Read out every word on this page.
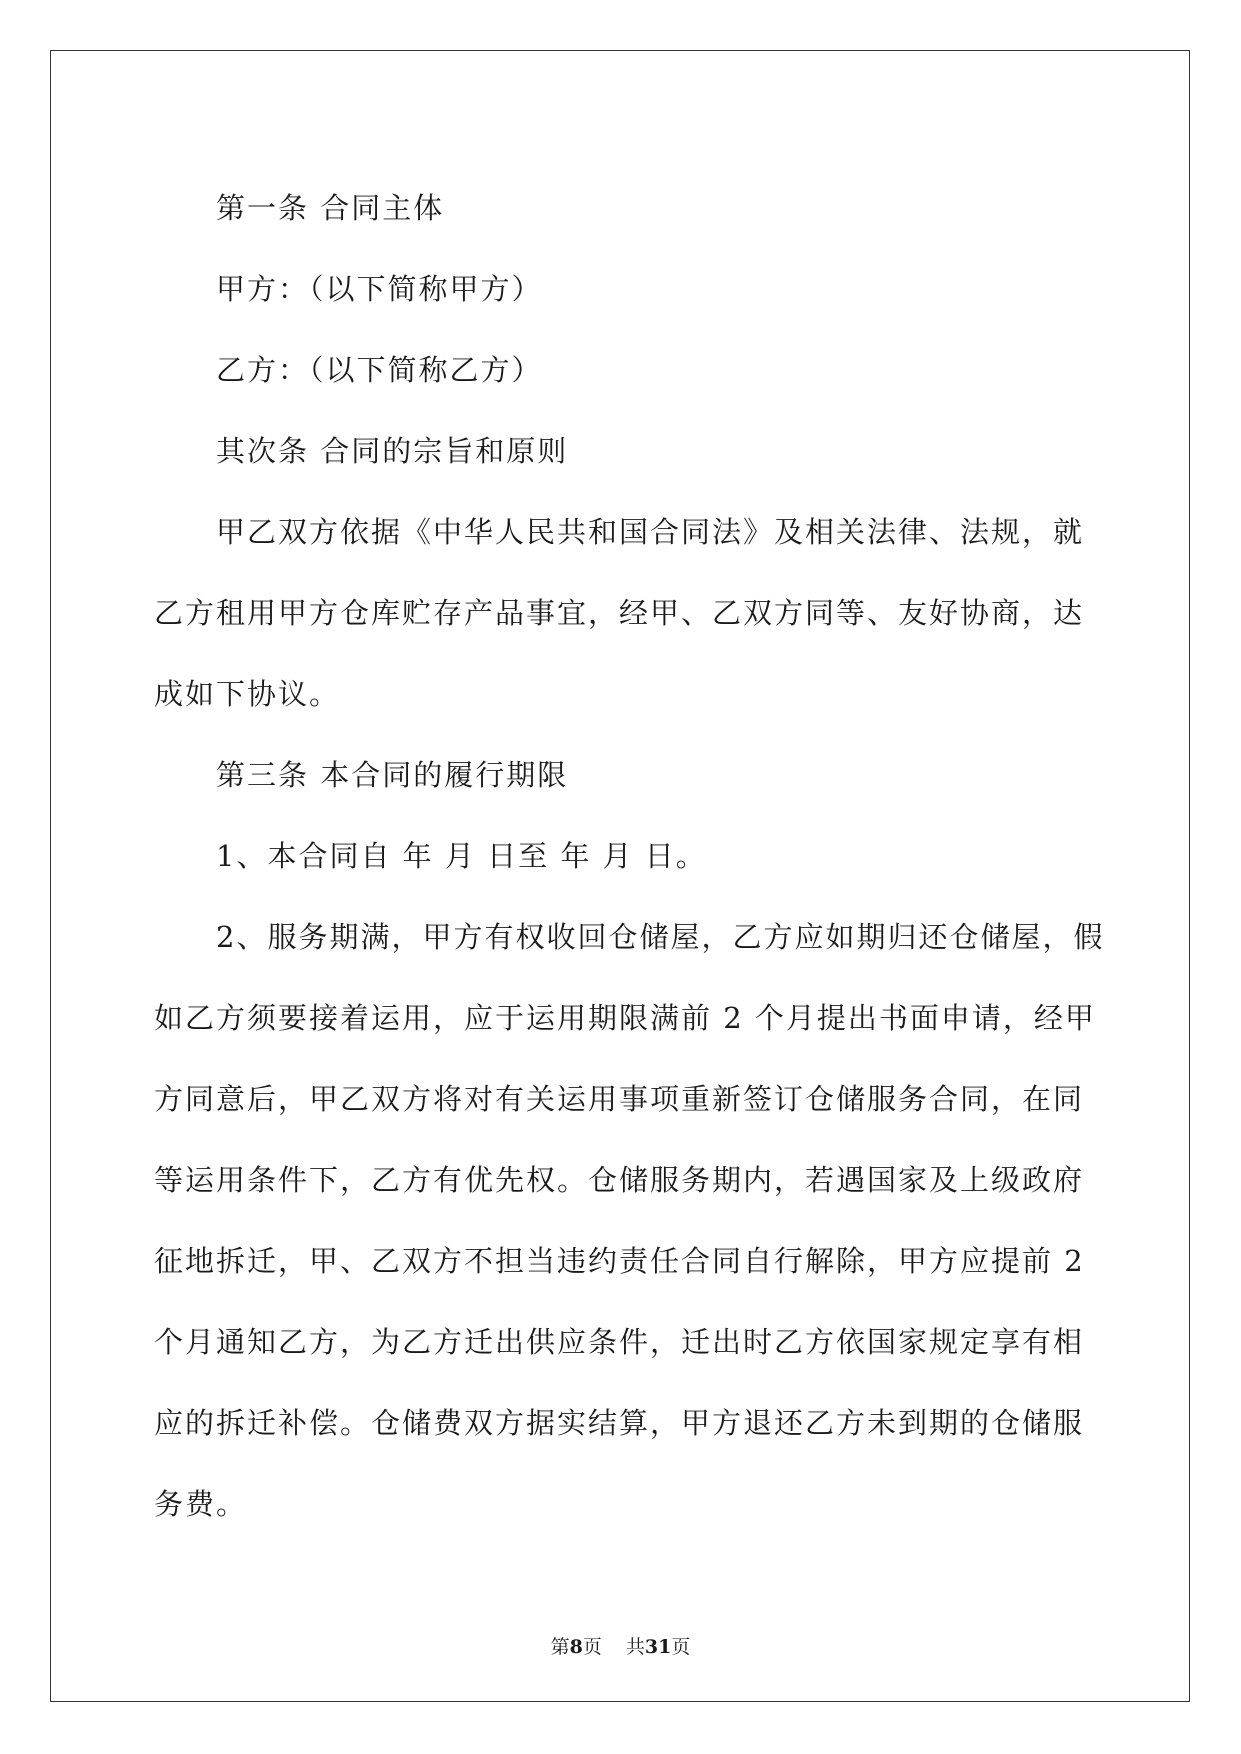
第一条 合同主体
甲方：（以下简称甲方）
乙方：（以下简称乙方）
其次条 合同的宗旨和原则
甲乙双方依据《中华人民共和国合同法》及相关法律、法规，就
乙方租用甲方仓库贮存产品事宜，经甲、乙双方同等、友好协商，达
成如下协议。
第三条 本合同的履行期限
1、本合同自 年 月 日至 年 月 日。
2、服务期满，甲方有权收回仓储屋，乙方应如期归还仓储屋，假
如乙方须要接着运用，应于运用期限满前 2 个月提出书面申请，经甲
方同意后，甲乙双方将对有关运用事项重新签订仓储服务合同，在同
等运用条件下，乙方有优先权。仓储服务期内，若遇国家及上级政府
征地拆迁，甲、乙双方不担当违约责任合同自行解除，甲方应提前 2
个月通知乙方，为乙方迁出供应条件，迁出时乙方依国家规定享有相
应的拆迁补偿。仓储费双方据实结算，甲方退还乙方未到期的仓储服
务费。
第8页 共31页
